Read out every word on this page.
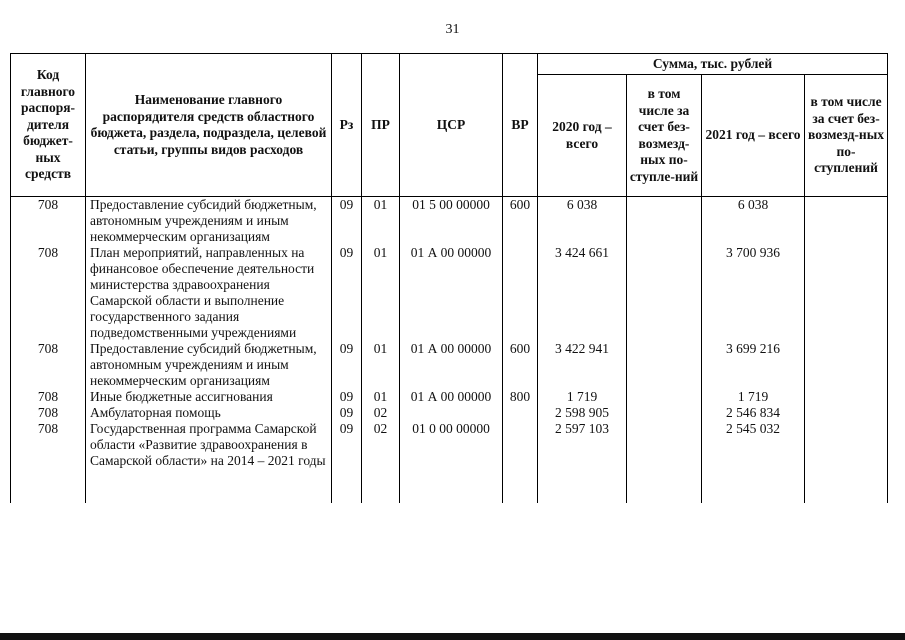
31
Код главного распоря-дителя бюджет-ных средств	Наименование главного распорядителя средств областного бюджета, раздела, подраздела, целевой статьи, группы видов расходов	Рз	ПР	ЦСР	ВР	Сумма, тыс. рублей			
						2020 год – всего	в том числе за счет без-возмезд-ных по-ступле-ний	2021 год – всего	в том числе за счет без-возмезд-ных по-ступлений
708	Предоставление субсидий бюджетным, автономным учреждениям и иным некоммерческим организациям	09	01	01 5 00 00000	600	6 038		6 038	
708	План мероприятий, направленных на финансовое обеспечение деятельности министерства здравоохранения Самарской области и выполнение государственного задания подведомственными учреждениями	09	01	01 А 00 00000		3 424 661		3 700 936	
708	Предоставление субсидий бюджетным, автономным учреждениям и иным некоммерческим организациям	09	01	01 А 00 00000	600	3 422 941		3 699 216	
708	Иные бюджетные ассигнования	09	01	01 А 00 00000	800	1 719		1 719	
708	Амбулаторная помощь	09	02			2 598 905		2 546 834	
708	Государственная программа Самарской области «Развитие здравоохранения в Самарской области» на 2014 – 2021 годы	09	02	01 0 00 00000		2 597 103		2 545 032	
